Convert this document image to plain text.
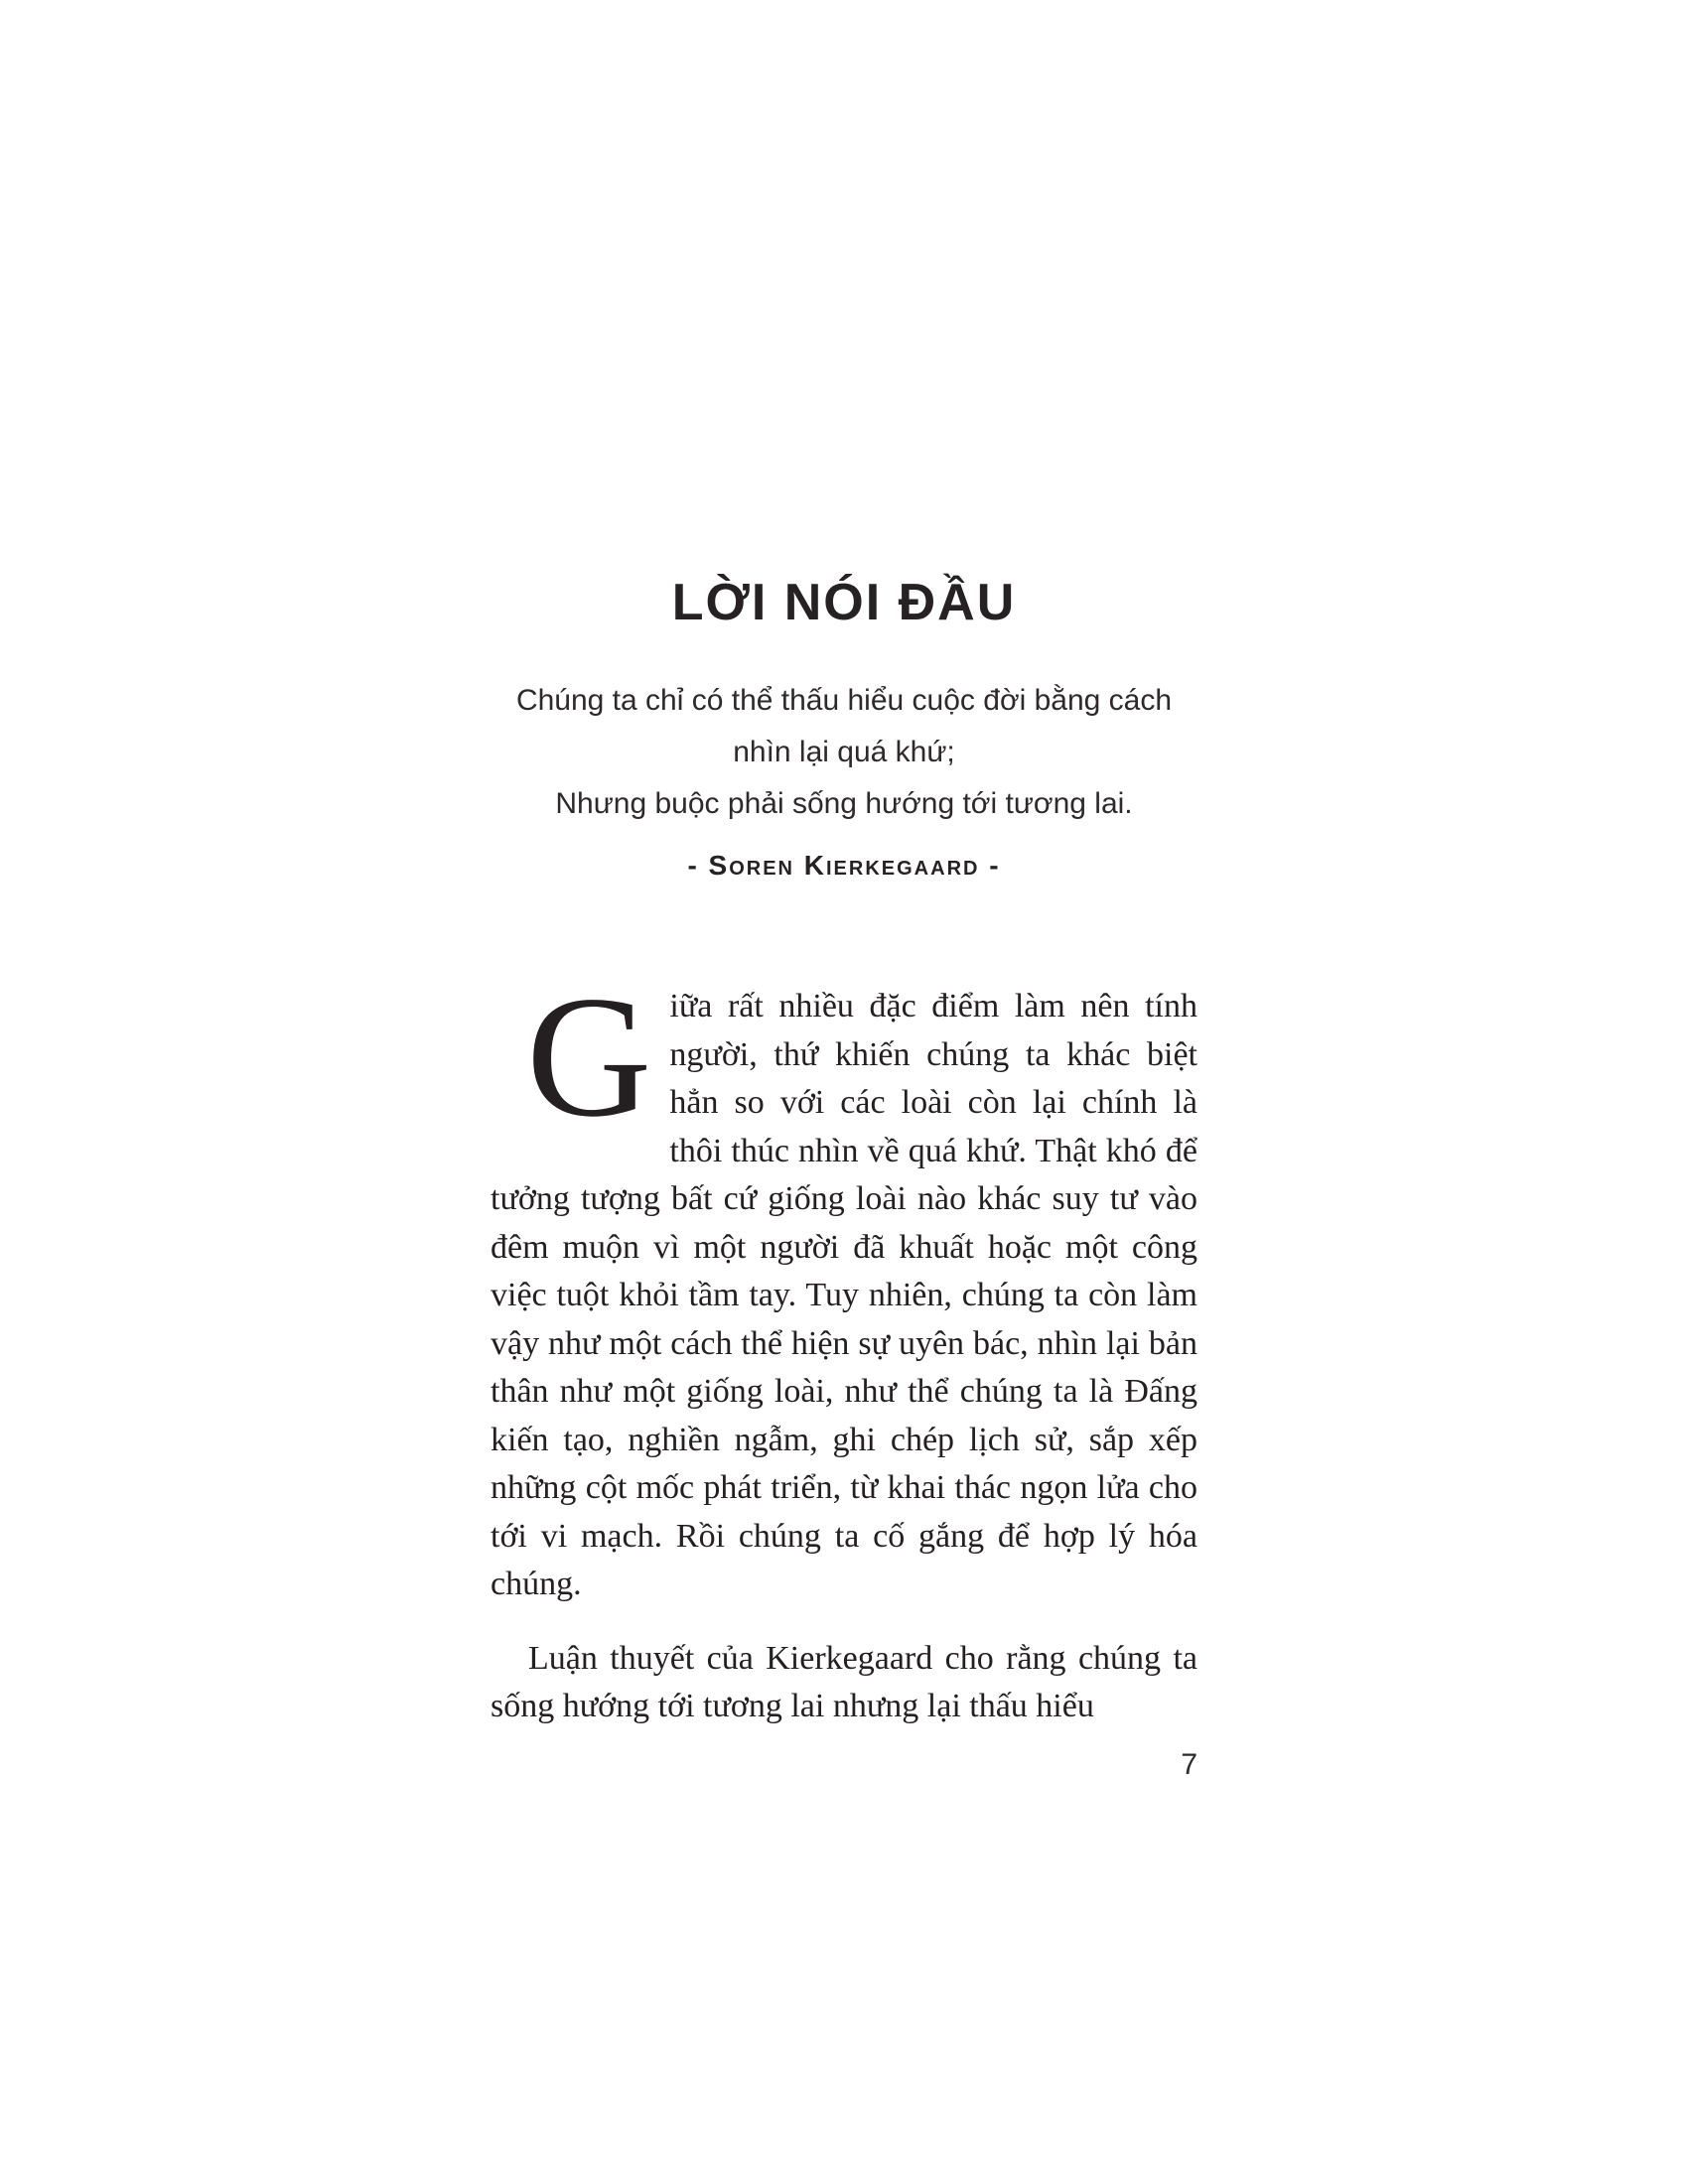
LỜI NÓI ĐẦU
Chúng ta chỉ có thể thấu hiểu cuộc đời bằng cách
nhìn lại quá khứ;
Nhưng buộc phải sống hướng tới tương lai.
- Soren Kierkegaard -

Giữa rất nhiều đặc điểm làm nên tính người, thứ khiến chúng ta khác biệt hẳn so với các loài còn lại chính là thôi thúc nhìn về quá khứ. Thật khó để tưởng tượng bất cứ giống loài nào khác suy tư vào đêm muộn vì một người đã khuất hoặc một công việc tuột khỏi tầm tay. Tuy nhiên, chúng ta còn làm vậy như một cách thể hiện sự uyên bác, nhìn lại bản thân như một giống loài, như thể chúng ta là Đấng kiến tạo, nghiền ngẫm, ghi chép lịch sử, sắp xếp những cột mốc phát triển, từ khai thác ngọn lửa cho tới vi mạch. Rồi chúng ta cố gắng để hợp lý hóa chúng.

Luận thuyết của Kierkegaard cho rằng chúng ta sống hướng tới tương lai nhưng lại thấu hiểu

7
